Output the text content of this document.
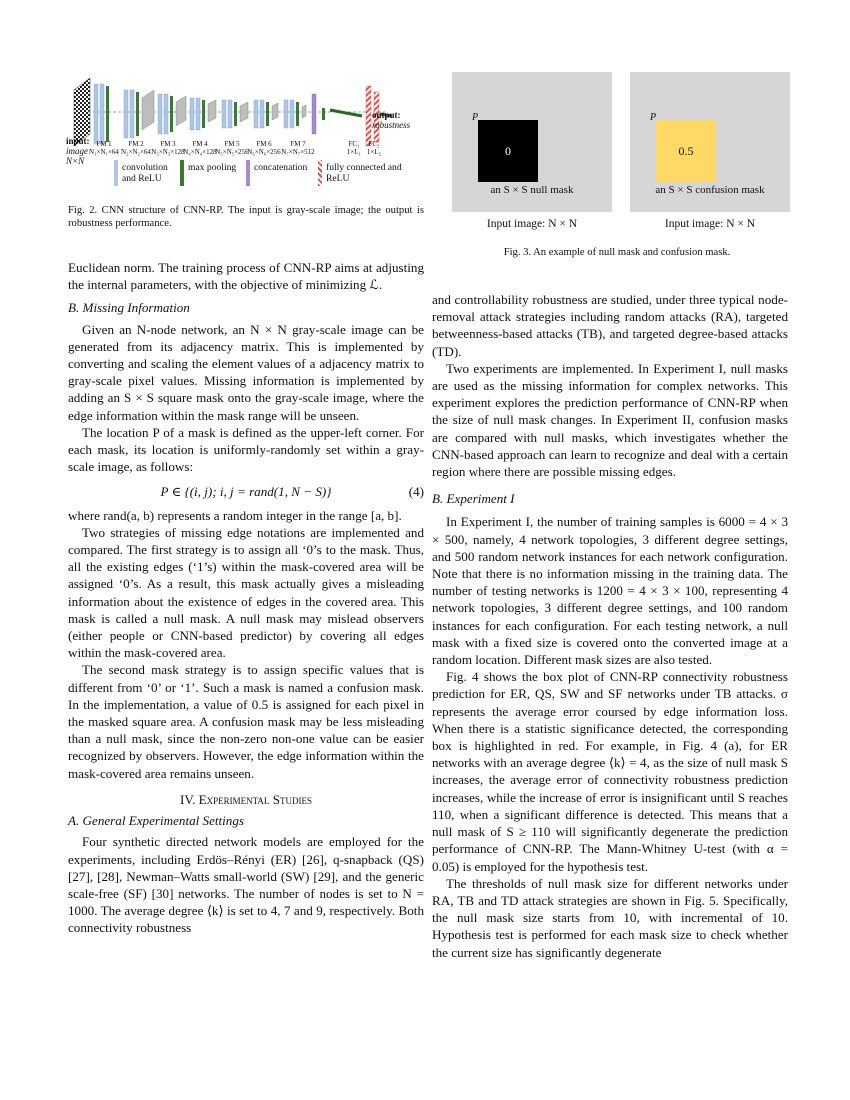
input:
image
N×N
output:
robustness
FM 1
N₁×N₁×64
FM 2
N₂×N₂×64
FM 3
N₃×N₃×128
FM 4
N₄×N₄×128
FM 5
N₅×N₅×256
FM 6
N₆×N₆×256
FM 7
N₇×N₇×512
FC₁
1×L₁
FC₂
1×L₂
convolution and ReLU
max pooling	concatenation	fully connected and ReLU
Fig. 2. CNN structure of CNN-RP. The input is gray-scale image; the output is robustness performance.
P
0
an S × S null mask
P
0.5
an S × S confusion mask
Input image: N × N	Input image: N × N
Fig. 3. An example of null mask and confusion mask.

Euclidean norm. The training process of CNN-RP aims at adjusting the internal parameters, with the objective of minimizing ℒ.

B. Missing Information

Given an N-node network, an N × N gray-scale image can be generated from its adjacency matrix. This is implemented by converting and scaling the element values of a adjacency matrix to gray-scale pixel values. Missing information is implemented by adding an S × S square mask onto the gray-scale image, where the edge information within the mask range will be unseen.

The location P of a mask is defined as the upper-left corner. For each mask, its location is uniformly-randomly set within a gray-scale image, as follows:

P ∈ {(i, j); i, j = rand(1, N − S)}	(4)

where rand(a, b) represents a random integer in the range [a, b].

Two strategies of missing edge notations are implemented and compared. The first strategy is to assign all ‘0’s to the mask. Thus, all the existing edges (‘1’s) within the mask-covered area will be assigned ‘0’s. As a result, this mask actually gives a misleading information about the existence of edges in the covered area. This mask is called a null mask. A null mask may mislead observers (either people or CNN-based predictor) by covering all edges within the mask-covered area.

The second mask strategy is to assign specific values that is different from ‘0’ or ‘1’. Such a mask is named a confusion mask. In the implementation, a value of 0.5 is assigned for each pixel in the masked square area. A confusion mask may be less misleading than a null mask, since the non-zero non-one value can be easier recognized by observers. However, the edge information within the mask-covered area remains unseen.

IV. Experimental Studies

A. General Experimental Settings

Four synthetic directed network models are employed for the experiments, including Erdös–Rényi (ER) [26], q-snapback (QS) [27], [28], Newman–Watts small-world (SW) [29], and the generic scale-free (SF) [30] networks. The number of nodes is set to N = 1000. The average degree ⟨k⟩ is set to 4, 7 and 9, respectively. Both connectivity robustness

and controllability robustness are studied, under three typical node-removal attack strategies including random attacks (RA), targeted betweenness-based attacks (TB), and targeted degree-based attacks (TD).

Two experiments are implemented. In Experiment I, null masks are used as the missing information for complex networks. This experiment explores the prediction performance of CNN-RP when the size of null mask changes. In Experiment II, confusion masks are compared with null masks, which investigates whether the CNN-based approach can learn to recognize and deal with a certain region where there are possible missing edges.

B. Experiment I

In Experiment I, the number of training samples is 6000 = 4 × 3 × 500, namely, 4 network topologies, 3 different degree settings, and 500 random network instances for each network configuration. Note that there is no information missing in the training data. The number of testing networks is 1200 = 4 × 3 × 100, representing 4 network topologies, 3 different degree settings, and 100 random instances for each configuration. For each testing network, a null mask with a fixed size is covered onto the converted image at a random location. Different mask sizes are also tested.

Fig. 4 shows the box plot of CNN-RP connectivity robustness prediction for ER, QS, SW and SF networks under TB attacks. σ represents the average error coursed by edge information loss. When there is a statistic significance detected, the corresponding box is highlighted in red. For example, in Fig. 4 (a), for ER networks with an average degree ⟨k⟩ = 4, as the size of null mask S increases, the average error of connectivity robustness prediction increases, while the increase of error is insignificant until S reaches 110, when a significant difference is detected. This means that a null mask of S ≥ 110 will significantly degenerate the prediction performance of CNN-RP. The Mann-Whitney U-test (with α = 0.05) is employed for the hypothesis test.

The thresholds of null mask size for different networks under RA, TB and TD attack strategies are shown in Fig. 5. Specifically, the null mask size starts from 10, with incremental of 10. Hypothesis test is performed for each mask size to check whether the current size has significantly degenerate
